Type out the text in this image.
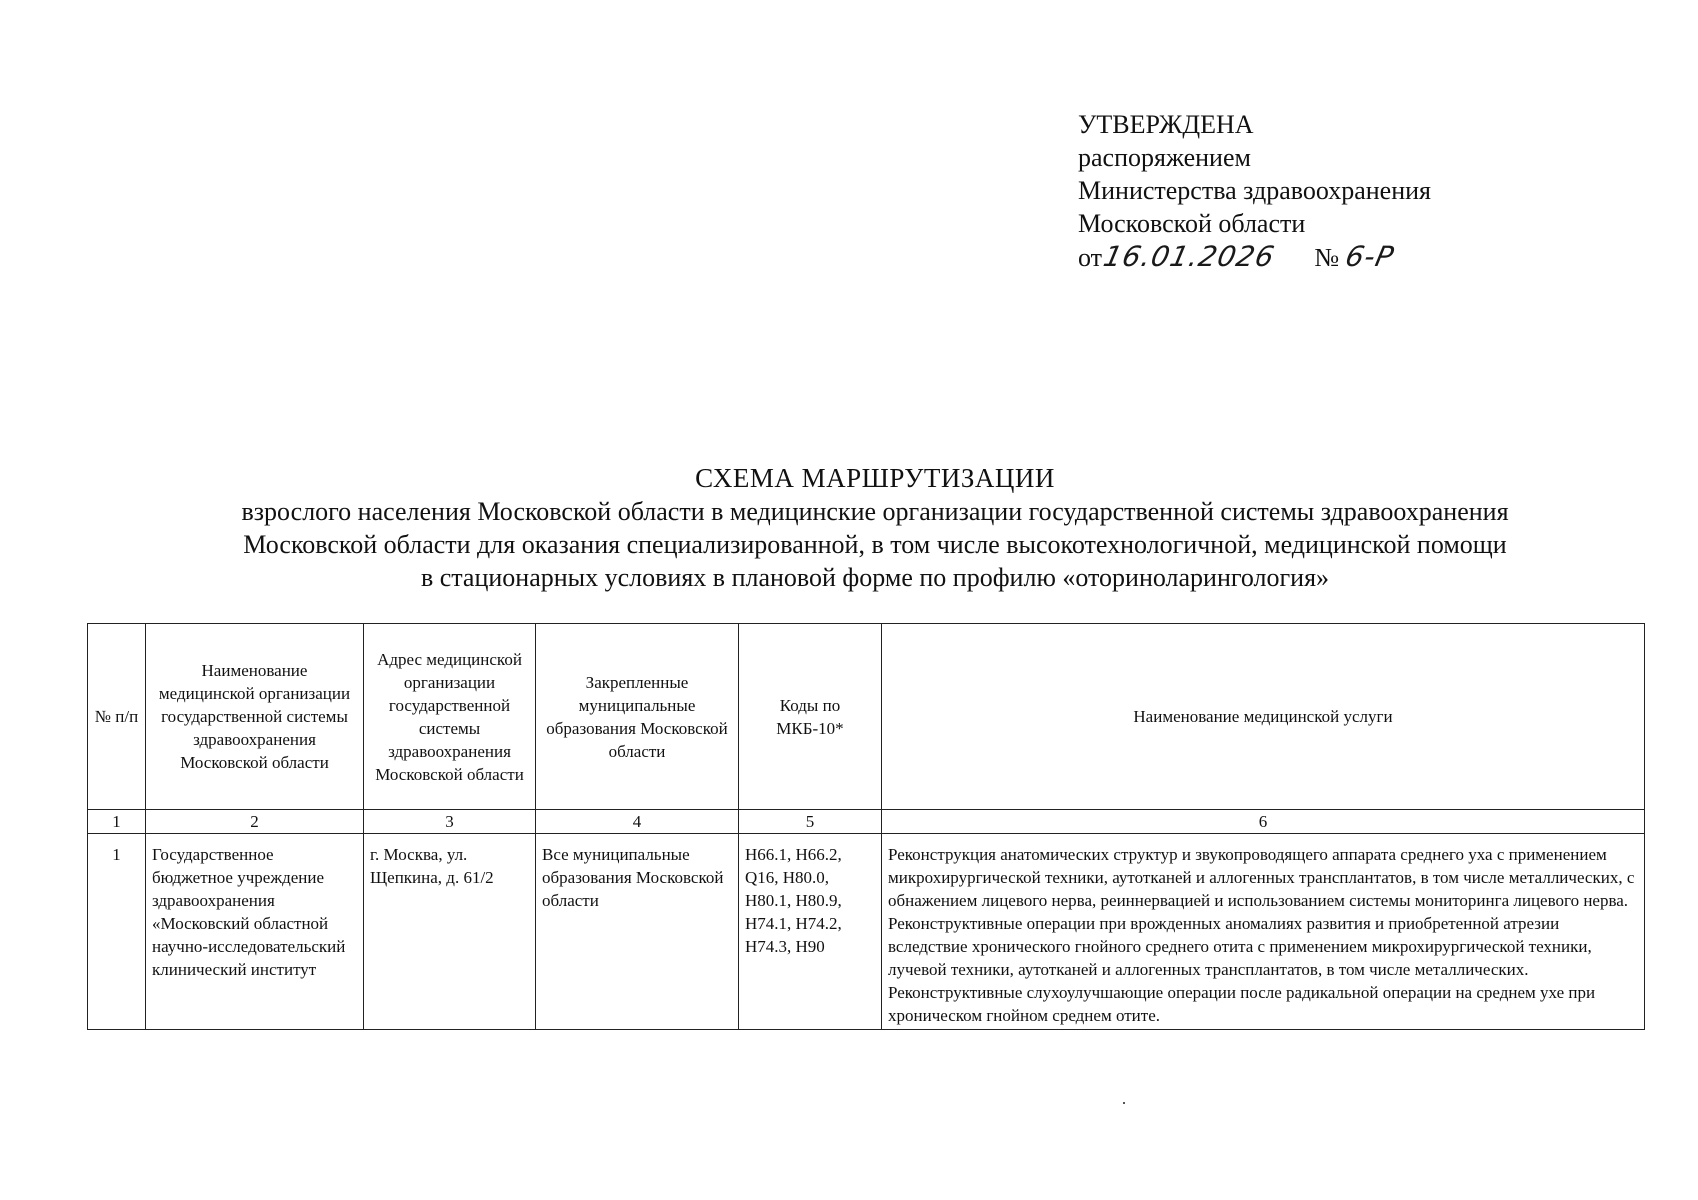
УТВЕРЖДЕНА
распоряжением
Министерства здравоохранения
Московской области
от16.01.2026 № 6-Р
СХЕМА МАРШРУТИЗАЦИИ
взрослого населения Московской области в медицинские организации государственной системы здравоохранения
Московской области для оказания специализированной, в том числе высокотехнологичной, медицинской помощи
в стационарных условиях в плановой форме по профилю «оториноларингология»
№ п/п	Наименование медицинской организации государственной системы здравоохранения Московской области	Адрес медицинской организации государственной системы здравоохранения Московской области	Закрепленные муниципальные образования Московской области	Коды по МКБ-10*	Наименование медицинской услуги
1	2	3	4	5	6
1	Государственное бюджетное учреждение здравоохранения «Московский областной научно-исследовательский клинический институт	г. Москва, ул. Щепкина, д. 61/2	Все муниципальные образования Московской области	Н66.1, Н66.2, Q16, Н80.0, Н80.1, Н80.9, Н74.1, Н74.2, Н74.3, Н90	Реконструкция анатомических структур и звукопроводящего аппарата среднего уха с применением микрохирургической техники, аутотканей и аллогенных трансплантатов, в том числе металлических, с обнажением лицевого нерва, реиннервацией и использованием системы мониторинга лицевого нерва.
Реконструктивные операции при врожденных аномалиях развития и приобретенной атрезии вследствие хронического гнойного среднего отита с применением микрохирургической техники, лучевой техники, аутотканей и аллогенных трансплантатов, в том числе металлических.
Реконструктивные слухоулучшающие операции после радикальной операции на среднем ухе при хроническом гнойном среднем отите.
